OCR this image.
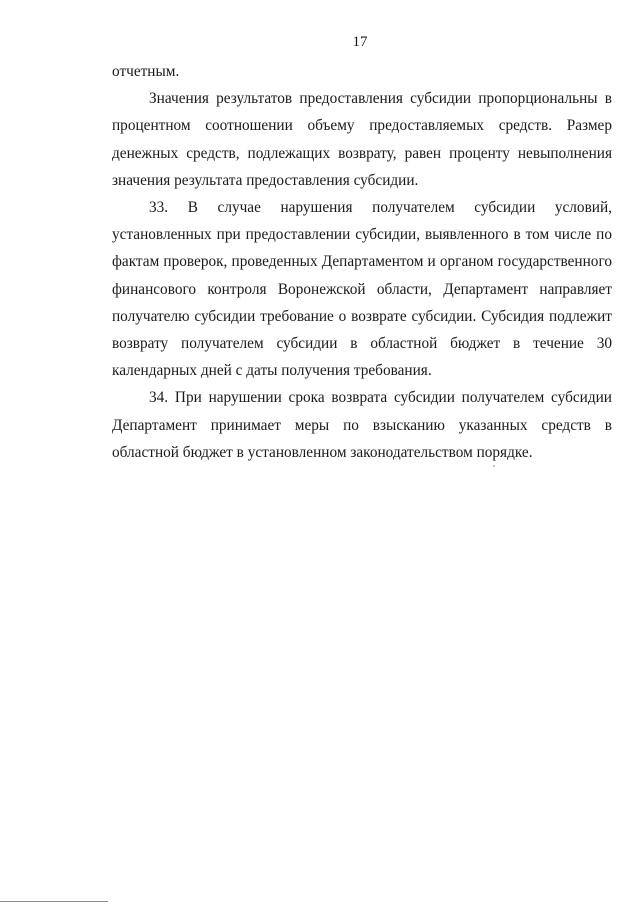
17

отчетным.

Значения результатов предоставления субсидии пропорциональны в процентном соотношении объему предоставляемых средств. Размер денежных средств, подлежащих возврату, равен проценту невыполнения значения результата предоставления субсидии.

33. В случае нарушения получателем субсидии условий, установленных при предоставлении субсидии, выявленного в том числе по фактам проверок, проведенных Департаментом и органом государственного финансового контроля Воронежской области, Департамент направляет получателю субсидии требование о возврате субсидии. Субсидия подлежит возврату получателем субсидии в областной бюджет в течение 30 календарных дней с даты получения требования.

34. При нарушении срока возврата субсидии получателем субсидии Департамент принимает меры по взысканию указанных средств в областной бюджет в установленном законодательством порядке.
